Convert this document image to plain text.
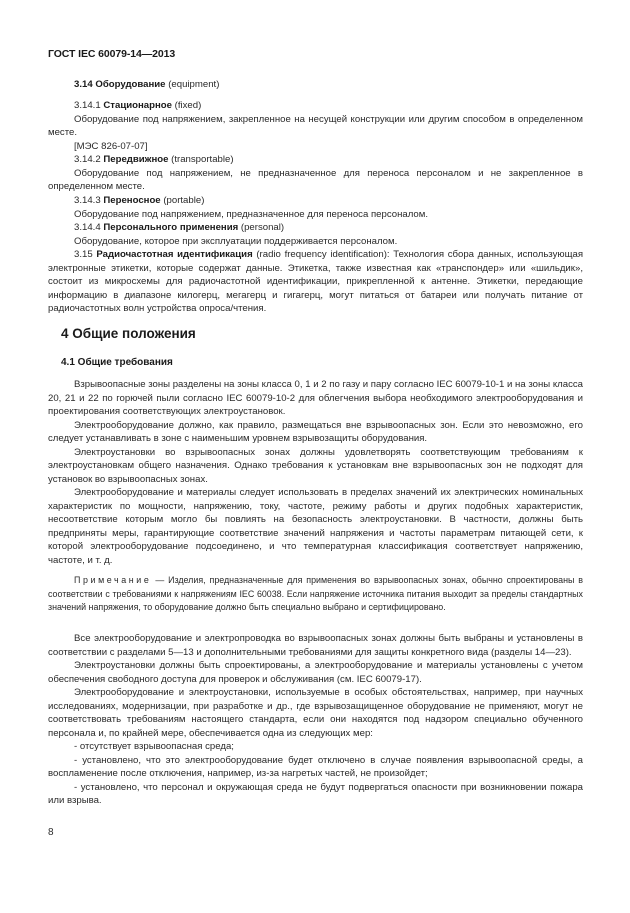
ГОСТ IEC 60079-14—2013

3.14 Оборудование (equipment)

3.14.1 Стационарное (fixed)

Оборудование под напряжением, закрепленное на несущей конструкции или другим способом в определенном месте.

[МЭС 826-07-07]

3.14.2 Передвижное (transportable)

Оборудование под напряжением, не предназначенное для переноса персоналом и не закрепленное в определенном месте.

3.14.3 Переносное (portable)

Оборудование под напряжением, предназначенное для переноса персоналом.

3.14.4 Персонального применения (personal)

Оборудование, которое при эксплуатации поддерживается персоналом.

3.15 Радиочастотная идентификация (radio frequency identification): Технология сбора данных, использующая электронные этикетки, которые содержат данные. Этикетка, также известная как «транспондер» или «шильдик», состоит из микросхемы для радиочастотной идентификации, прикрепленной к антенне. Этикетки, передающие информацию в диапазоне килогерц, мегагерц и гигагерц, могут питаться от батареи или получать питание от радиочастотных волн устройства опроса/чтения.

4 Общие положения
4.1 Общие требования

Взрывоопасные зоны разделены на зоны класса 0, 1 и 2 по газу и пару согласно IEC 60079-10-1 и на зоны класса 20, 21 и 22 по горючей пыли согласно IEC 60079-10-2 для облегчения выбора необходимого электрооборудования и проектирования соответствующих электроустановок.

Электрооборудование должно, как правило, размещаться вне взрывоопасных зон. Если это невозможно, его следует устанавливать в зоне с наименьшим уровнем взрывозащиты оборудования.

Электроустановки во взрывоопасных зонах должны удовлетворять соответствующим требованиям к электроустановкам общего назначения. Однако требования к установкам вне взрывоопасных зон не подходят для установок во взрывоопасных зонах.

Электрооборудование и материалы следует использовать в пределах значений их электрических номинальных характеристик по мощности, напряжению, току, частоте, режиму работы и других подобных характеристик, несоответствие которым могло бы повлиять на безопасность электроустановки. В частности, должны быть предприняты меры, гарантирующие соответствие значений напряжения и частоты параметрам питающей сети, к которой электрооборудование подсоединено, и что температурная классификация соответствует напряжению, частоте, и т. д.

Примечание — Изделия, предназначенные для применения во взрывоопасных зонах, обычно спроектированы в соответствии с требованиями к напряжениям IEC 60038. Если напряжение источника питания выходит за пределы стандартных значений напряжения, то оборудование должно быть специально выбрано и сертифицировано.

Все электрооборудование и электропроводка во взрывоопасных зонах должны быть выбраны и установлены в соответствии с разделами 5—13 и дополнительными требованиями для защиты конкретного вида (разделы 14—23).

Электроустановки должны быть спроектированы, а электрооборудование и материалы установлены с учетом обеспечения свободного доступа для проверок и обслуживания (см. IEC 60079-17).

Электрооборудование и электроустановки, используемые в особых обстоятельствах, например, при научных исследованиях, модернизации, при разработке и др., где взрывозащищенное оборудование не применяют, могут не соответствовать требованиям настоящего стандарта, если они находятся под надзором специально обученного персонала и, по крайней мере, обеспечивается одна из следующих мер:

- отсутствует взрывоопасная среда;

- установлено, что это электрооборудование будет отключено в случае появления взрывоопасной среды, а воспламенение после отключения, например, из-за нагретых частей, не произойдет;

- установлено, что персонал и окружающая среда не будут подвергаться опасности при возникновении пожара или взрыва.

8
